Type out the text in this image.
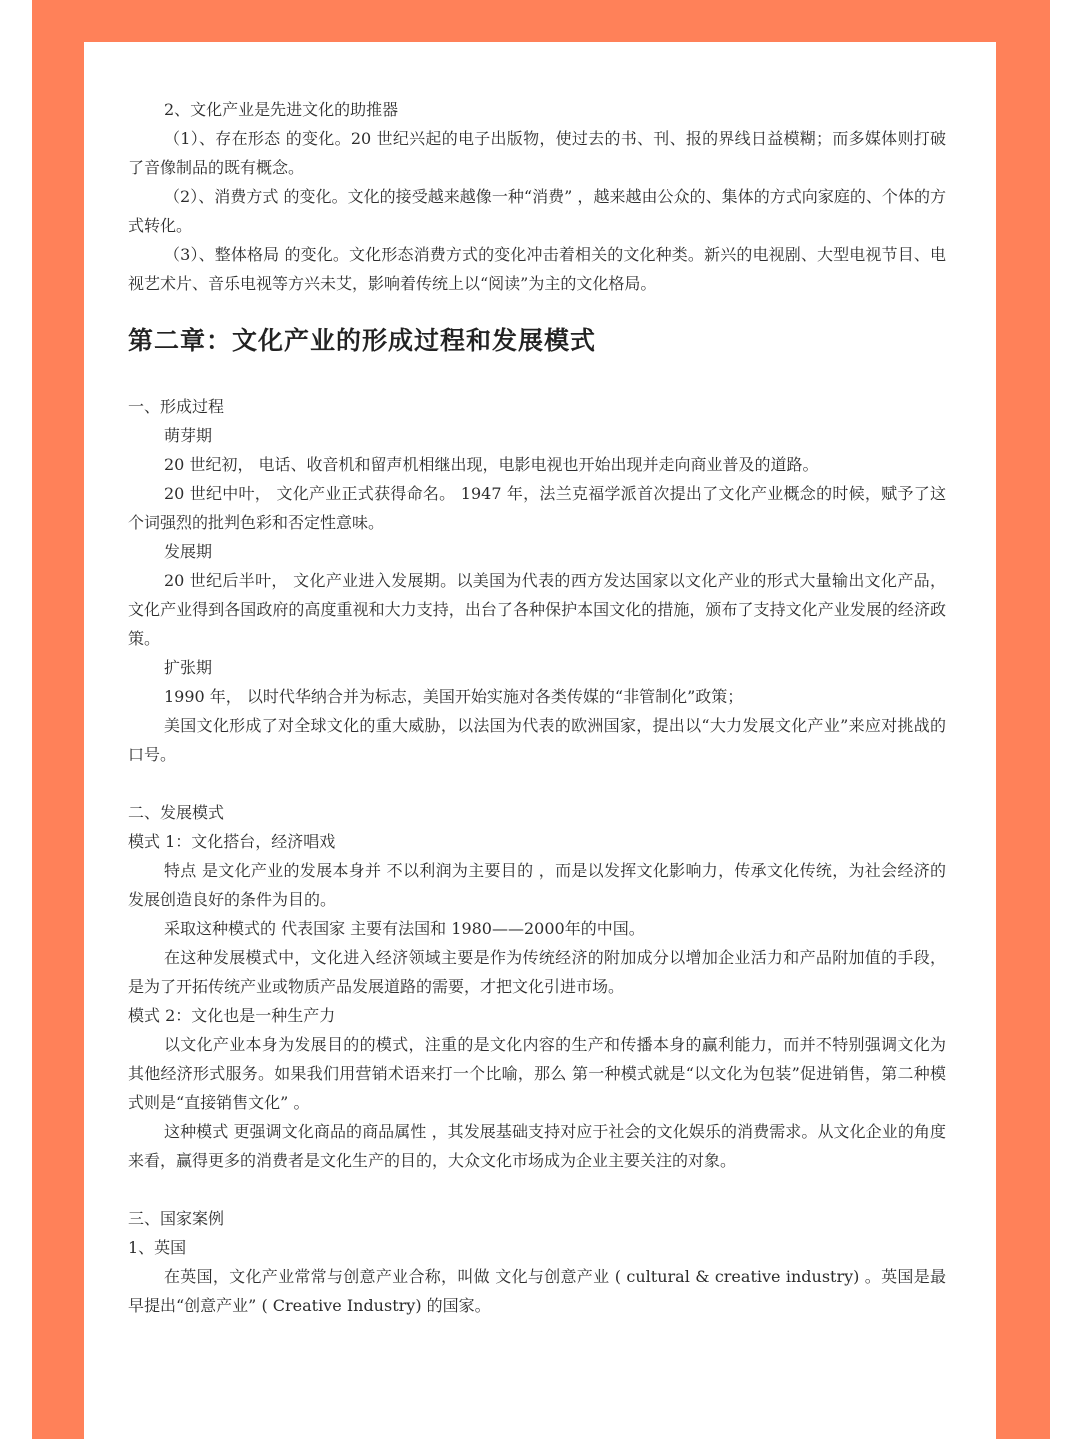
2、文化产业是先进文化的助推器

（1）、存在形态 的变化。20 世纪兴起的电子出版物，使过去的书、刊、报的界线日益模糊；而多媒体则打破了音像制品的既有概念。

（2）、消费方式 的变化。文化的接受越来越像一种“消费” ，越来越由公众的、集体的方式向家庭的、个体的方式转化。

（3）、整体格局 的变化。文化形态消费方式的变化冲击着相关的文化种类。新兴的电视剧、大型电视节目、电视艺术片、音乐电视等方兴未艾，影响着传统上以“阅读”为主的文化格局。

第二章：文化产业的形成过程和发展模式

一、形成过程

萌芽期

20 世纪初， 电话、收音机和留声机相继出现，电影电视也开始出现并走向商业普及的道路。

20 世纪中叶， 文化产业正式获得命名。 1947 年，法兰克福学派首次提出了文化产业概念的时候，赋予了这个词强烈的批判色彩和否定性意味。

发展期

20 世纪后半叶， 文化产业进入发展期。以美国为代表的西方发达国家以文化产业的形式大量输出文化产品，文化产业得到各国政府的高度重视和大力支持，出台了各种保护本国文化的措施，颁布了支持文化产业发展的经济政策。

扩张期

1990 年， 以时代华纳合并为标志，美国开始实施对各类传媒的“非管制化”政策；

美国文化形成了对全球文化的重大威胁，以法国为代表的欧洲国家，提出以“大力发展文化产业”来应对挑战的口号。

二、发展模式

模式 1：文化搭台，经济唱戏

特点 是文化产业的发展本身并 不以利润为主要目的 ，而是以发挥文化影响力，传承文化传统，为社会经济的发展创造良好的条件为目的。

采取这种模式的 代表国家 主要有法国和 1980——2000年的中国。

在这种发展模式中，文化进入经济领域主要是作为传统经济的附加成分以增加企业活力和产品附加值的手段，是为了开拓传统产业或物质产品发展道路的需要，才把文化引进市场。

模式 2：文化也是一种生产力

以文化产业本身为发展目的的模式，注重的是文化内容的生产和传播本身的赢利能力，而并不特别强调文化为其他经济形式服务。如果我们用营销术语来打一个比喻，那么 第一种模式就是“以文化为包装”促进销售，第二种模式则是“直接销售文化” 。

这种模式 更强调文化商品的商品属性 ，其发展基础支持对应于社会的文化娱乐的消费需求。从文化企业的角度来看，赢得更多的消费者是文化生产的目的，大众文化市场成为企业主要关注的对象。

三、国家案例

1、英国

在英国，文化产业常常与创意产业合称，叫做 文化与创意产业 ( cultural & creative industry) 。英国是最早提出“创意产业” ( Creative Industry) 的国家。
